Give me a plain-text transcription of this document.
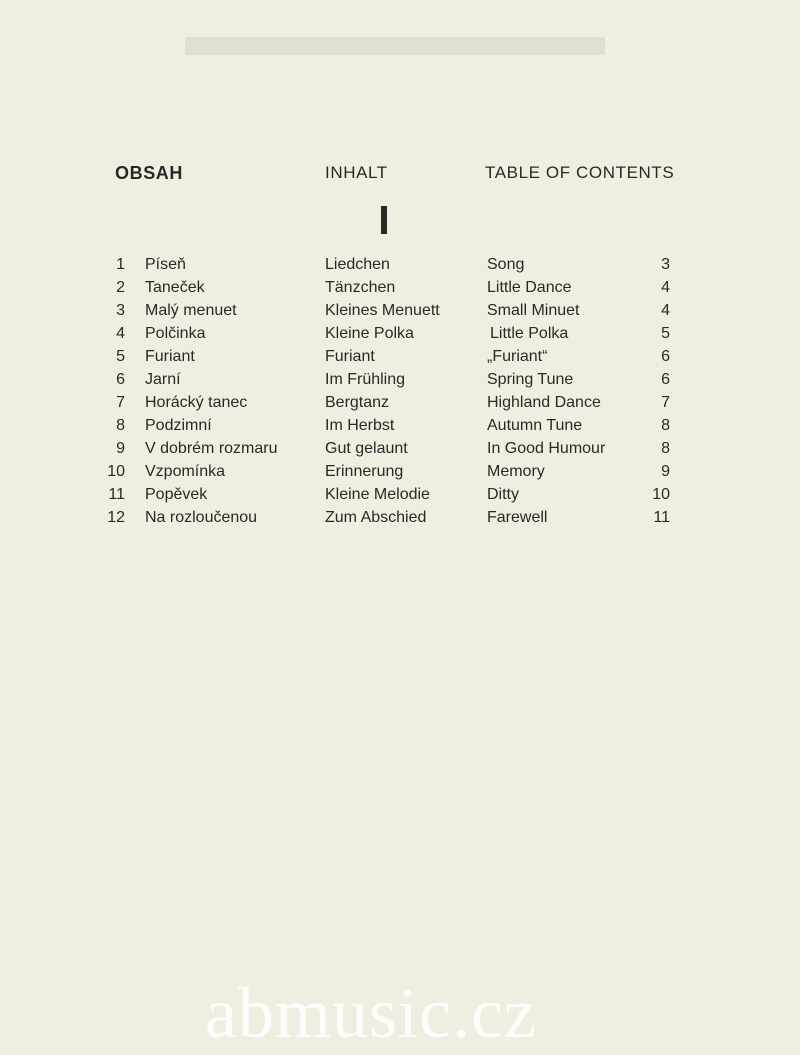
▬▬▬▬▬▬▬
OBSAH	INHALT	TABLE OF CONTENTS
1 Píseň	Liedchen	Song	3
2 Taneček	Tänzchen	Little Dance	4
3 Malý menuet	Kleines Menuett	Small Minuet	4
4 Polčinka	Kleine Polka	Little Polka	5
5 Furiant	Furiant	„Furiant“	6
6 Jarní	Im Frühling	Spring Tune	6
7 Horácký tanec	Bergtanz	Highland Dance	7
8 Podzimní	Im Herbst	Autumn Tune	8
9 V dobrém rozmaru	Gut gelaunt	In Good Humour	8
10 Vzpomínka	Erinnerung	Memory	9
11 Popěvek	Kleine Melodie	Ditty	10
12 Na rozloučenou	Zum Abschied	Farewell	11
abmusic.cz
